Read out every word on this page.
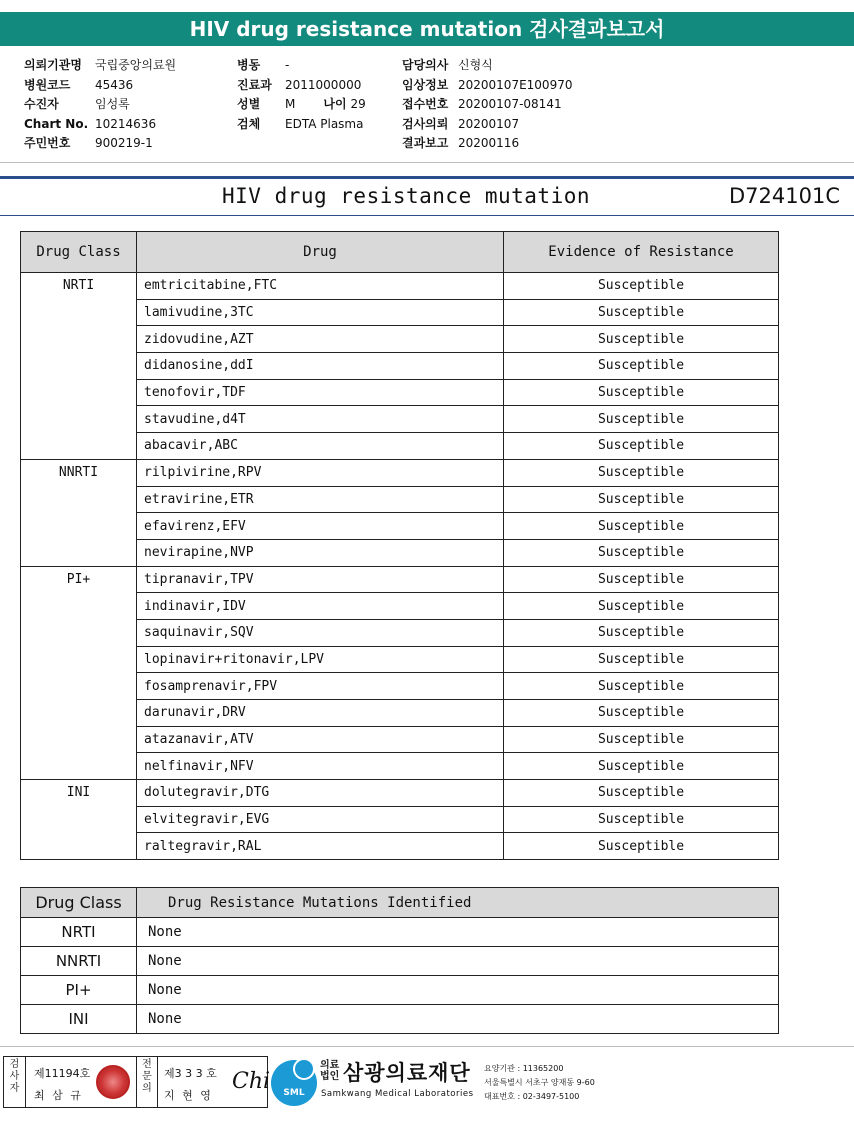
HIV drug resistance mutation 검사결과보고서
의뢰기관명 국립중앙의료원
병원코드 45436
수진자	임성록
Chart No. 10214636
주민번호 900219-1
병동 -
진료과 2011000000
성별 M 나이 29
검체 EDTA Plasma
담당의사 신형식
임상정보 20200107E100970
접수번호 20200107-08141
검사의뢰 20200107
결과보고 20200116
HIV drug resistance mutation	D724101C
Drug Class	Drug	Evidence of Resistance
NRTI	emtricitabine,FTC	Susceptible
	lamivudine,3TC	Susceptible
	zidovudine,AZT	Susceptible
	didanosine,ddI	Susceptible
	tenofovir,TDF	Susceptible
	stavudine,d4T	Susceptible
	abacavir,ABC	Susceptible
NNRTI	rilpivirine,RPV	Susceptible
	etravirine,ETR	Susceptible
	efavirenz,EFV	Susceptible
	nevirapine,NVP	Susceptible
PI+	tipranavir,TPV	Susceptible
	indinavir,IDV	Susceptible
	saquinavir,SQV	Susceptible
	lopinavir+ritonavir,LPV	Susceptible
	fosamprenavir,FPV	Susceptible
	darunavir,DRV	Susceptible
	atazanavir,ATV	Susceptible
	nelfinavir,NFV	Susceptible
INI	dolutegravir,DTG	Susceptible
	elvitegravir,EVG	Susceptible
	raltegravir,RAL	Susceptible
Drug Class	Drug Resistance Mutations Identified
NRTI	None
NNRTI	None
PI+	None
INI	None
검
사
자
제11194호
최 삼 규
전
문
의
제3 3 3 호
지 현 영
Chi	SML
의료법인 삼광의료재단
Samkwang Medical Laboratories
요양기관 : 11365200
서울특별시 서초구 양재동 9-60
대표번호 : 02-3497-5100
